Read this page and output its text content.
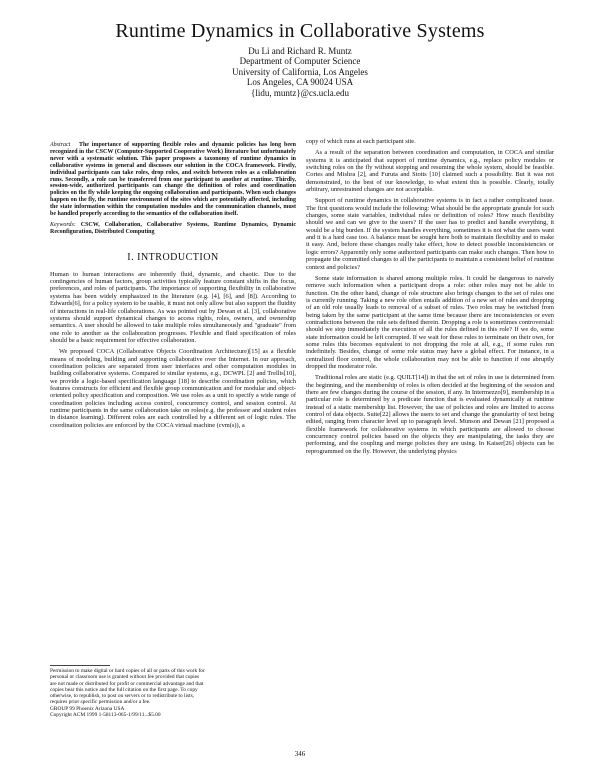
Runtime Dynamics in Collaborative Systems
Du Li and Richard R. Muntz
Department of Computer Science
University of California, Los Angeles
Los Angeles, CA 90024 USA
{lidu, muntz}@cs.ucla.edu

Abstract The importance of supporting flexible roles and dynamic policies has long been recognized in the CSCW (Computer-Supported Cooperative Work) literature but unfortunately never with a systematic solution. This paper proposes a taxonomy of runtime dynamics in collaborative systems in general and discusses our solution in the COCA framework. Firstly, individual participants can take roles, drop roles, and switch between roles as a collaboration runs. Secondly, a role can be transferred from one participant to another at runtime. Thirdly, session-wide, authorized participants can change the definition of roles and coordination policies on the fly while keeping the ongoing collaboration and participants. When such changes happen on the fly, the runtime environment of the sites which are potentially affected, including the state information within the computation modules and the communication channels, must be handled properly according to the semantics of the collaboration itself.

Keywords: CSCW, Collaboration, Collaborative Systems, Runtime Dynamics, Dynamic Reconfiguration, Distributed Computing

I. INTRODUCTION

Human to human interactions are inherently fluid, dynamic, and chaotic. Due to the contingencies of human factors, group activities typically feature constant shifts in the focus, preferences, and roles of participants. The importance of supporting flexibility in collaborative systems has been widely emphasized in the literature (e.g. [4], [6], and [8]). According to Edwards[6], for a policy system to be usable, it must not only allow but also support the fluidity of interactions in real-life collaborations. As was pointed out by Dewan et al. [3], collaborative systems should support dynamical changes to access rights, roles, owners, and ownership semantics. A user should be allowed to take multiple roles simultaneously and "graduate" from one role to another as the collaboration progresses. Flexible and fluid specification of roles should be a basic requirement for effective collaboration.

We proposed COCA (Collaborative Objects Coordination Architecture)[15] as a flexible means of modeling, building and supporting collaborative over the Internet. In our approach, coordination policies are separated from user interfaces and other computation modules in building collaborative systems. Compared to similar systems, e.g., DCWPL [2] and Trellis[10], we provide a logic-based specification language [18] to describe coordination policies, which features constructs for efficient and flexible group communication and for modular and object-oriented policy specification and composition. We use roles as a unit to specify a wide range of coordination policies including access control, concurrency control, and session control. At runtime participants in the same collaboration take on roles(e.g. the professor and student roles in distance learning). Different roles are each controlled by a different set of logic rules. The coordination policies are enforced by the COCA virtual machine (cvm(s)), a

Permission to make digital or hard copies of all or parts of this work for
personal or classroom use is granted without fee provided that copies
are not made or distributed for profit or commercial advantage and that
copies bear this notice and the full citation on the first page. To copy
otherwise, to republish, to post on servers or to redistribute to lists,
requires prior specific permission and/or a fee.
GROUP 99 Phoenix Arizona USA
Copyright ACM 1999 1-58113-065-1/99/11...$5.00

copy of which runs at each participant site.

As a result of the separation between coordination and computation, in COCA and similar systems it is anticipated that support of runtime dynamics, e.g., replace policy modules or switching roles on the fly without stopping and resuming the whole system, should be feasible. Cortes and Mishra [2], and Furuta and Stotts [10] claimed such a possibility. But it was not demonstrated, to the best of our knowledge, to what extent this is possible. Clearly, totally arbitrary, unrestrained changes are not acceptable.

Support of runtime dynamics in collaborative systems is in fact a rather complicated issue. The first questions would include the following: What should be the appropriate granule for such changes, some state variables, individual rules or definition of roles? How much flexibility should we and can we give to the users? If the user has to predict and handle everything, it would be a big burden. If the system handles everything, sometimes it is not what the users want and it is a hard case too. A balance must be sought here both to maintain flexibility and to make it easy. And, before these changes really take effect, how to detect possible inconsistencies or logic errors? Apparently only some authorized participants can make such changes. Then how to propagate the committed changes to all the participants to maintain a consistent belief of runtime context and policies?

Some state information is shared among multiple roles. It could be dangerous to naively remove such information when a participant drops a role: other roles may not be able to function. On the other hand, change of role structure also brings changes to the set of rules one is currently running. Taking a new role often entails addition of a new set of rules and dropping of an old role usually leads to removal of a subset of rules. Two roles may be switched from being taken by the same participant at the same time because there are inconsistencies or even contradictions between the rule sets defined therein. Dropping a role is sometimes controversial: should we stop immediately the execution of all the rules defined in this role? If we do, some state information could be left corrupted. If we wait for these rules to terminate on their own, for some rules this becomes equivalent to not dropping the role at all, e.g., if some rules run indefinitely. Besides, change of some role status may have a global effect. For instance, in a centralized floor control, the whole collaboration may not be able to function if one abruptly dropped the moderator role.

Traditional roles are static (e.g. QUILT[14]) in that the set of roles in use is determined from the beginning, and the membership of roles is often decided at the beginning of the session and there are few changes during the course of the session, if any. In Intermezzo[9], membership in a particular role is determined by a predicate function that is evaluated dynamically at runtime instead of a static membership list. However, the use of policies and roles are limited to access control of data objects. Suite[22] allows the users to set and change the granularity of text being edited, ranging from character level up to paragraph level. Munson and Dewan [21] proposed a flexible framework for collaborative systems in which participants are allowed to choose concurrency control policies based on the objects they are manipulating, the tasks they are performing, and the coupling and merge policies they are using. In Kaiser[26] objects can be reprogrammed on the fly. However, the underlying physics

346
